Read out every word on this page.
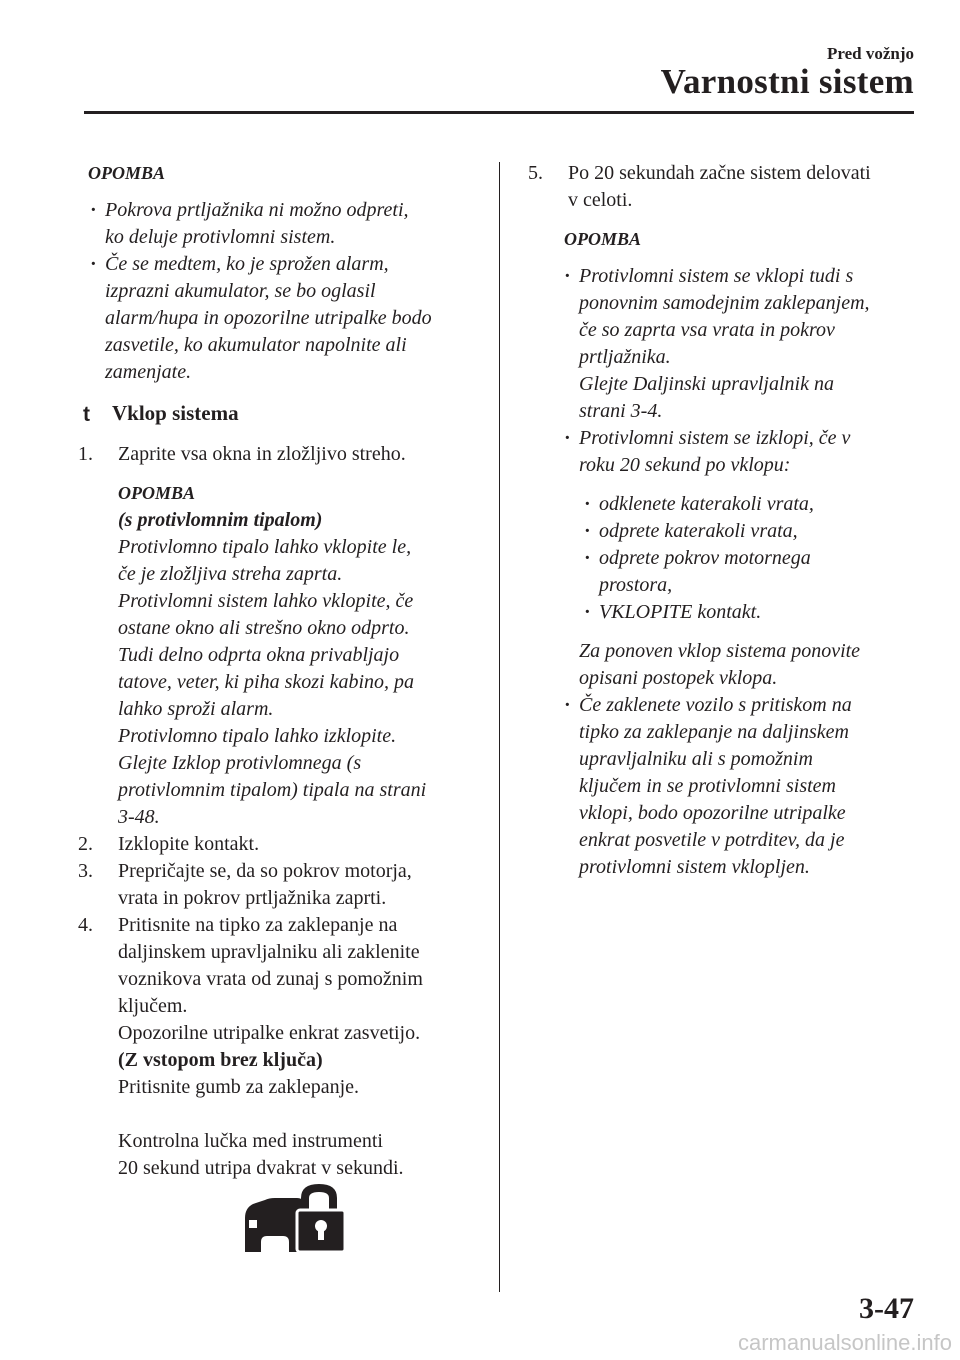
Pred vožnjo
Varnostni sistem
OPOMBA
· Pokrova prtljažnika ni možno odpreti,
ko deluje protivlomni sistem.
· Če se medtem, ko je sprožen alarm,
izprazni akumulator, se bo oglasil
alarm/hupa in opozorilne utripalke bodo
zasvetile, ko akumulator napolnite ali
zamenjate.
t Vklop sistema
1. Zaprite vsa okna in zložljivo streho.
OPOMBA
(s protivlomnim tipalom)
Protivlomno tipalo lahko vklopite le,
če je zložljiva streha zaprta.
Protivlomni sistem lahko vklopite, če
ostane okno ali strešno okno odprto.
Tudi delno odprta okna privabljajo
tatove, veter, ki piha skozi kabino, pa
lahko sproži alarm.
Protivlomno tipalo lahko izklopite.
Glejte Izklop protivlomnega (s
protivlomnim tipalom) tipala na strani
3-48.
2. Izklopite kontakt.
3. Prepričajte se, da so pokrov motorja,
vrata in pokrov prtljažnika zaprti.
4. Pritisnite na tipko za zaklepanje na
daljinskem upravljalniku ali zaklenite
voznikova vrata od zunaj s pomožnim
ključem.
Opozorilne utripalke enkrat zasvetijo.
(Z vstopom brez ključa)
Pritisnite gumb za zaklepanje.
Kontrolna lučka med instrumenti
20 sekund utripa dvakrat v sekundi.
5. Po 20 sekundah začne sistem delovati
v celoti.
OPOMBA
· Protivlomni sistem se vklopi tudi s
ponovnim samodejnim zaklepanjem,
če so zaprta vsa vrata in pokrov
prtljažnika.
Glejte Daljinski upravljalnik na
strani 3-4.
· Protivlomni sistem se izklopi, če v
roku 20 sekund po vklopu:
· odklenete katerakoli vrata,
· odprete katerakoli vrata,
· odprete pokrov motornega
prostora,
· VKLOPITE kontakt.
Za ponoven vklop sistema ponovite
opisani postopek vklopa.
· Če zaklenete vozilo s pritiskom na
tipko za zaklepanje na daljinskem
upravljalniku ali s pomožnim
ključem in se protivlomni sistem
vklopi, bodo opozorilne utripalke
enkrat posvetile v potrditev, da je
protivlomni sistem vklopljen.
3-47
carmanualsonline.info
